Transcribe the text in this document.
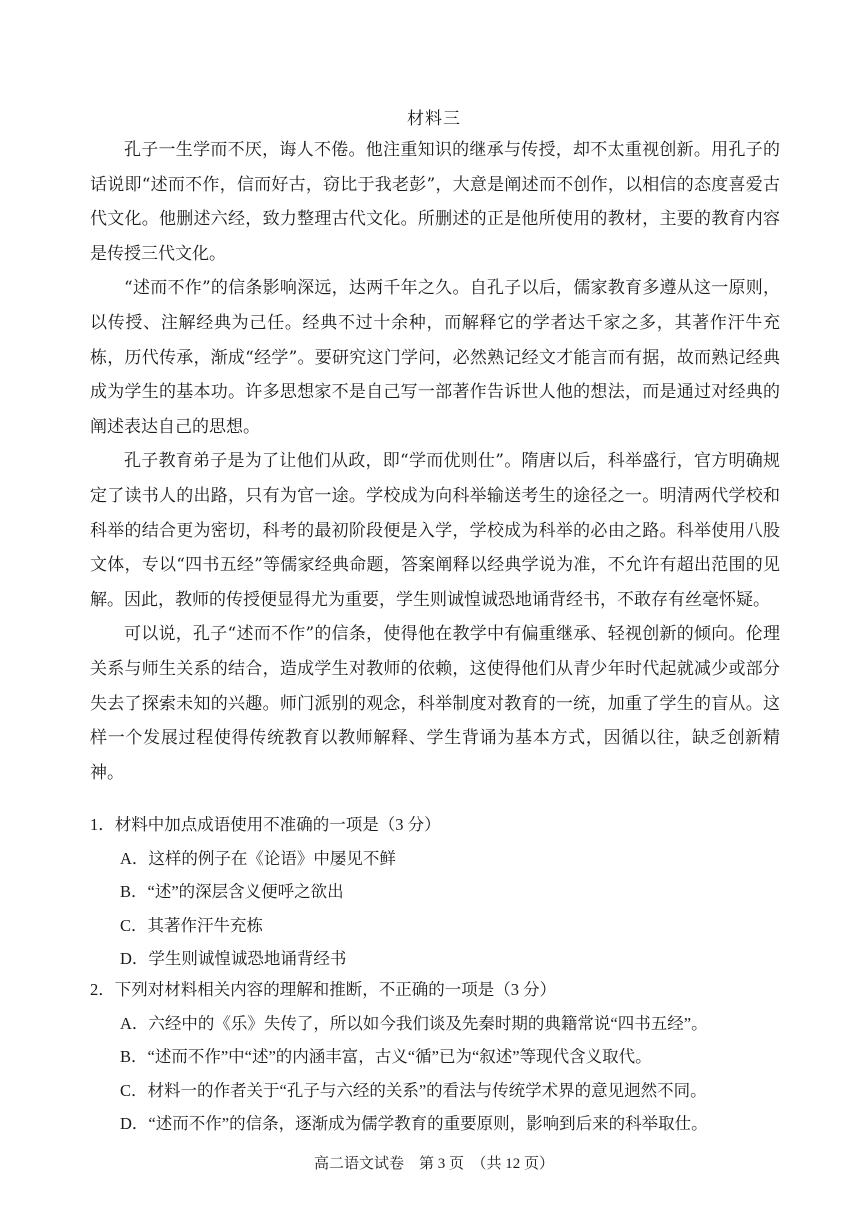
材料三

孔子一生学而不厌，诲人不倦。他注重知识的继承与传授，却不太重视创新。用孔子的话说即“述而不作，信而好古，窃比于我老彭”，大意是阐述而不创作，以相信的态度喜爱古代文化。他删述六经，致力整理古代文化。所删述的正是他所使用的教材，主要的教育内容是传授三代文化。

“述而不作”的信条影响深远，达两千年之久。自孔子以后，儒家教育多遵从这一原则，以传授、注解经典为己任。经典不过十余种，而解释它的学者达千家之多，其著作汗牛充栋，历代传承，渐成“经学”。要研究这门学问，必然熟记经文才能言而有据，故而熟记经典成为学生的基本功。许多思想家不是自己写一部著作告诉世人他的想法，而是通过对经典的阐述表达自己的思想。

孔子教育弟子是为了让他们从政，即“学而优则仕”。隋唐以后，科举盛行，官方明确规定了读书人的出路，只有为官一途。学校成为向科举输送考生的途径之一。明清两代学校和科举的结合更为密切，科考的最初阶段便是入学，学校成为科举的必由之路。科举使用八股文体，专以“四书五经”等儒家经典命题，答案阐释以经典学说为准，不允许有超出范围的见解。因此，教师的传授便显得尤为重要，学生则诚惶诚恐地诵背经书，不敢存有丝毫怀疑。

可以说，孔子“述而不作”的信条，使得他在教学中有偏重继承、轻视创新的倾向。伦理关系与师生关系的结合，造成学生对教师的依赖，这使得他们从青少年时代起就减少或部分失去了探索未知的兴趣。师门派别的观念，科举制度对教育的一统，加重了学生的盲从。这样一个发展过程使得传统教育以教师解释、学生背诵为基本方式，因循以往，缺乏创新精神。

1．材料中加点成语使用不准确的一项是（3 分）
A．这样的例子在《论语》中屡见不鲜
B．“述”的深层含义便呼之欲出
C．其著作汗牛充栋
D．学生则诚惶诚恐地诵背经书
2．下列对材料相关内容的理解和推断，不正确的一项是（3 分）
A．六经中的《乐》失传了，所以如今我们谈及先秦时期的典籍常说“四书五经”。
B．“述而不作”中“述”的内涵丰富，古义“循”已为“叙述”等现代含义取代。
C．材料一的作者关于“孔子与六经的关系”的看法与传统学术界的意见迥然不同。
D．“述而不作”的信条，逐渐成为儒学教育的重要原则，影响到后来的科举取仕。
高二语文试卷　第 3 页　（共 12 页）
